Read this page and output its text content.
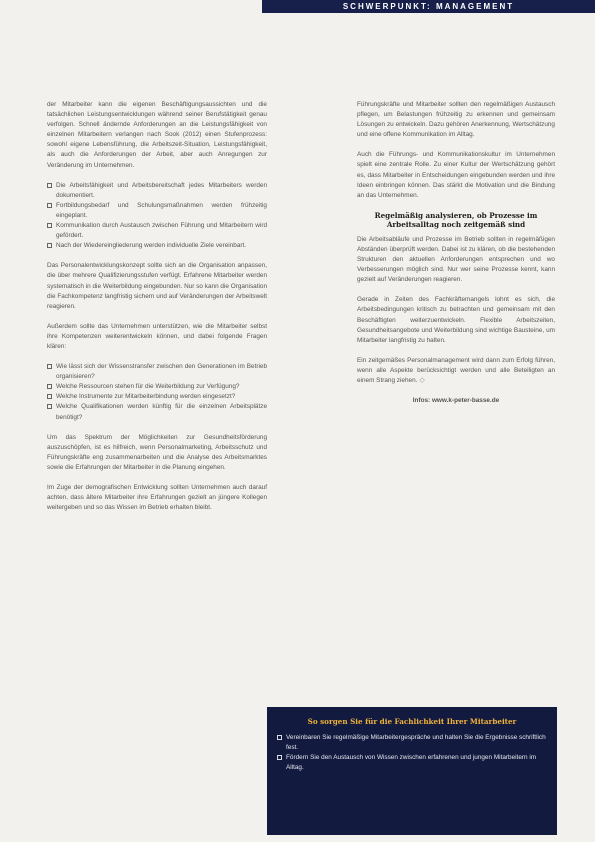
SCHWERPUNKT: MANAGEMENT

der Mitarbeiter kann die eigenen Beschäftigungsaussichten und die tatsächlichen Leistungsentwicklungen während seiner Berufstätigkeit genau verfolgen. Schnell ändernde Anforderungen an die Leistungsfähigkeit von einzelnen Mitarbeitern verlangen nach Sook (2012) einen Stufenprozess: sowohl eigene Lebensführung, die Arbeitszeit-Situation, Leistungsfähigkeit, als auch die Anforderungen der Arbeit, aber auch Anregungen zur Veränderung im Unternehmen.

Die Arbeitsfähigkeit und Arbeitsbereitschaft jedes Mitarbeiters werden dokumentiert.
Fortbildungsbedarf und Schulungsmaßnahmen werden frühzeitig eingeplant.
Kommunikation durch Austausch zwischen Führung und Mitarbeitern wird gefördert.
Nach der Wiedereingliederung werden individuelle Ziele vereinbart.

Das Personalentwicklungskonzept sollte sich an die Organisation anpassen, die über mehrere Qualifizierungsstufen verfügt. Erfahrene Mitarbeiter werden systematisch in die Weiterbildung eingebunden. Nur so kann die Organisation die Fachkompetenz langfristig sichern und auf Veränderungen der Arbeitswelt reagieren.

Außerdem sollte das Unternehmen unterstützen, wie die Mitarbeiter selbst ihre Kompetenzen weiterentwickeln können, und dabei folgende Fragen klären:

Wie lässt sich der Wissenstransfer zwischen den Generationen im Betrieb organisieren?
Welche Ressourcen stehen für die Weiterbildung zur Verfügung?
Welche Instrumente zur Mitarbeiterbindung werden eingesetzt?
Welche Qualifikationen werden künftig für die einzelnen Arbeitsplätze benötigt?

Um das Spektrum der Möglichkeiten zur Gesundheitsförderung auszuschöpfen, ist es hilfreich, wenn Personalmarketing, Arbeitsschutz und Führungskräfte eng zusammenarbeiten und die Analyse des Arbeitsmarktes sowie die Erfahrungen der Mitarbeiter in die Planung eingehen.

Im Zuge der demografischen Entwicklung sollten Unternehmen auch darauf achten, dass ältere Mitarbeiter ihre Erfahrungen gezielt an jüngere Kollegen weitergeben und so das Wissen im Betrieb erhalten bleibt.

Führungskräfte und Mitarbeiter sollten den regelmäßigen Austausch pflegen, um Belastungen frühzeitig zu erkennen und gemeinsam Lösungen zu entwickeln. Dazu gehören Anerkennung, Wertschätzung und eine offene Kommunikation im Alltag.

Auch die Führungs- und Kommunikationskultur im Unternehmen spielt eine zentrale Rolle. Zu einer Kultur der Wertschätzung gehört es, dass Mitarbeiter in Entscheidungen eingebunden werden und ihre Ideen einbringen können. Das stärkt die Motivation und die Bindung an das Unternehmen.

Regelmäßig analysieren, ob Prozesse im Arbeitsalltag noch zeitgemäß sind

Die Arbeitsabläufe und Prozesse im Betrieb sollten in regelmäßigen Abständen überprüft werden. Dabei ist zu klären, ob die bestehenden Strukturen den aktuellen Anforderungen entsprechen und wo Verbesserungen möglich sind. Nur wer seine Prozesse kennt, kann gezielt auf Veränderungen reagieren.

Gerade in Zeiten des Fachkräftemangels lohnt es sich, die Arbeitsbedingungen kritisch zu betrachten und gemeinsam mit den Beschäftigten weiterzuentwickeln. Flexible Arbeitszeiten, Gesundheitsangebote und Weiterbildung sind wichtige Bausteine, um Mitarbeiter langfristig zu halten.

Ein zeitgemäßes Personalmanagement wird dann zum Erfolg führen, wenn alle Aspekte berücksichtigt werden und alle Beteiligten an einem Strang ziehen. ◇

Infos: www.k-peter-basse.de
So sorgen Sie für die Fachlichkeit Ihrer Mitarbeiter
Vereinbaren Sie regelmäßige Mitarbeitergespräche und halten Sie die Ergebnisse schriftlich fest.
Fördern Sie den Austausch von Wissen zwischen erfahrenen und jungen Mitarbeitern im Alltag.
